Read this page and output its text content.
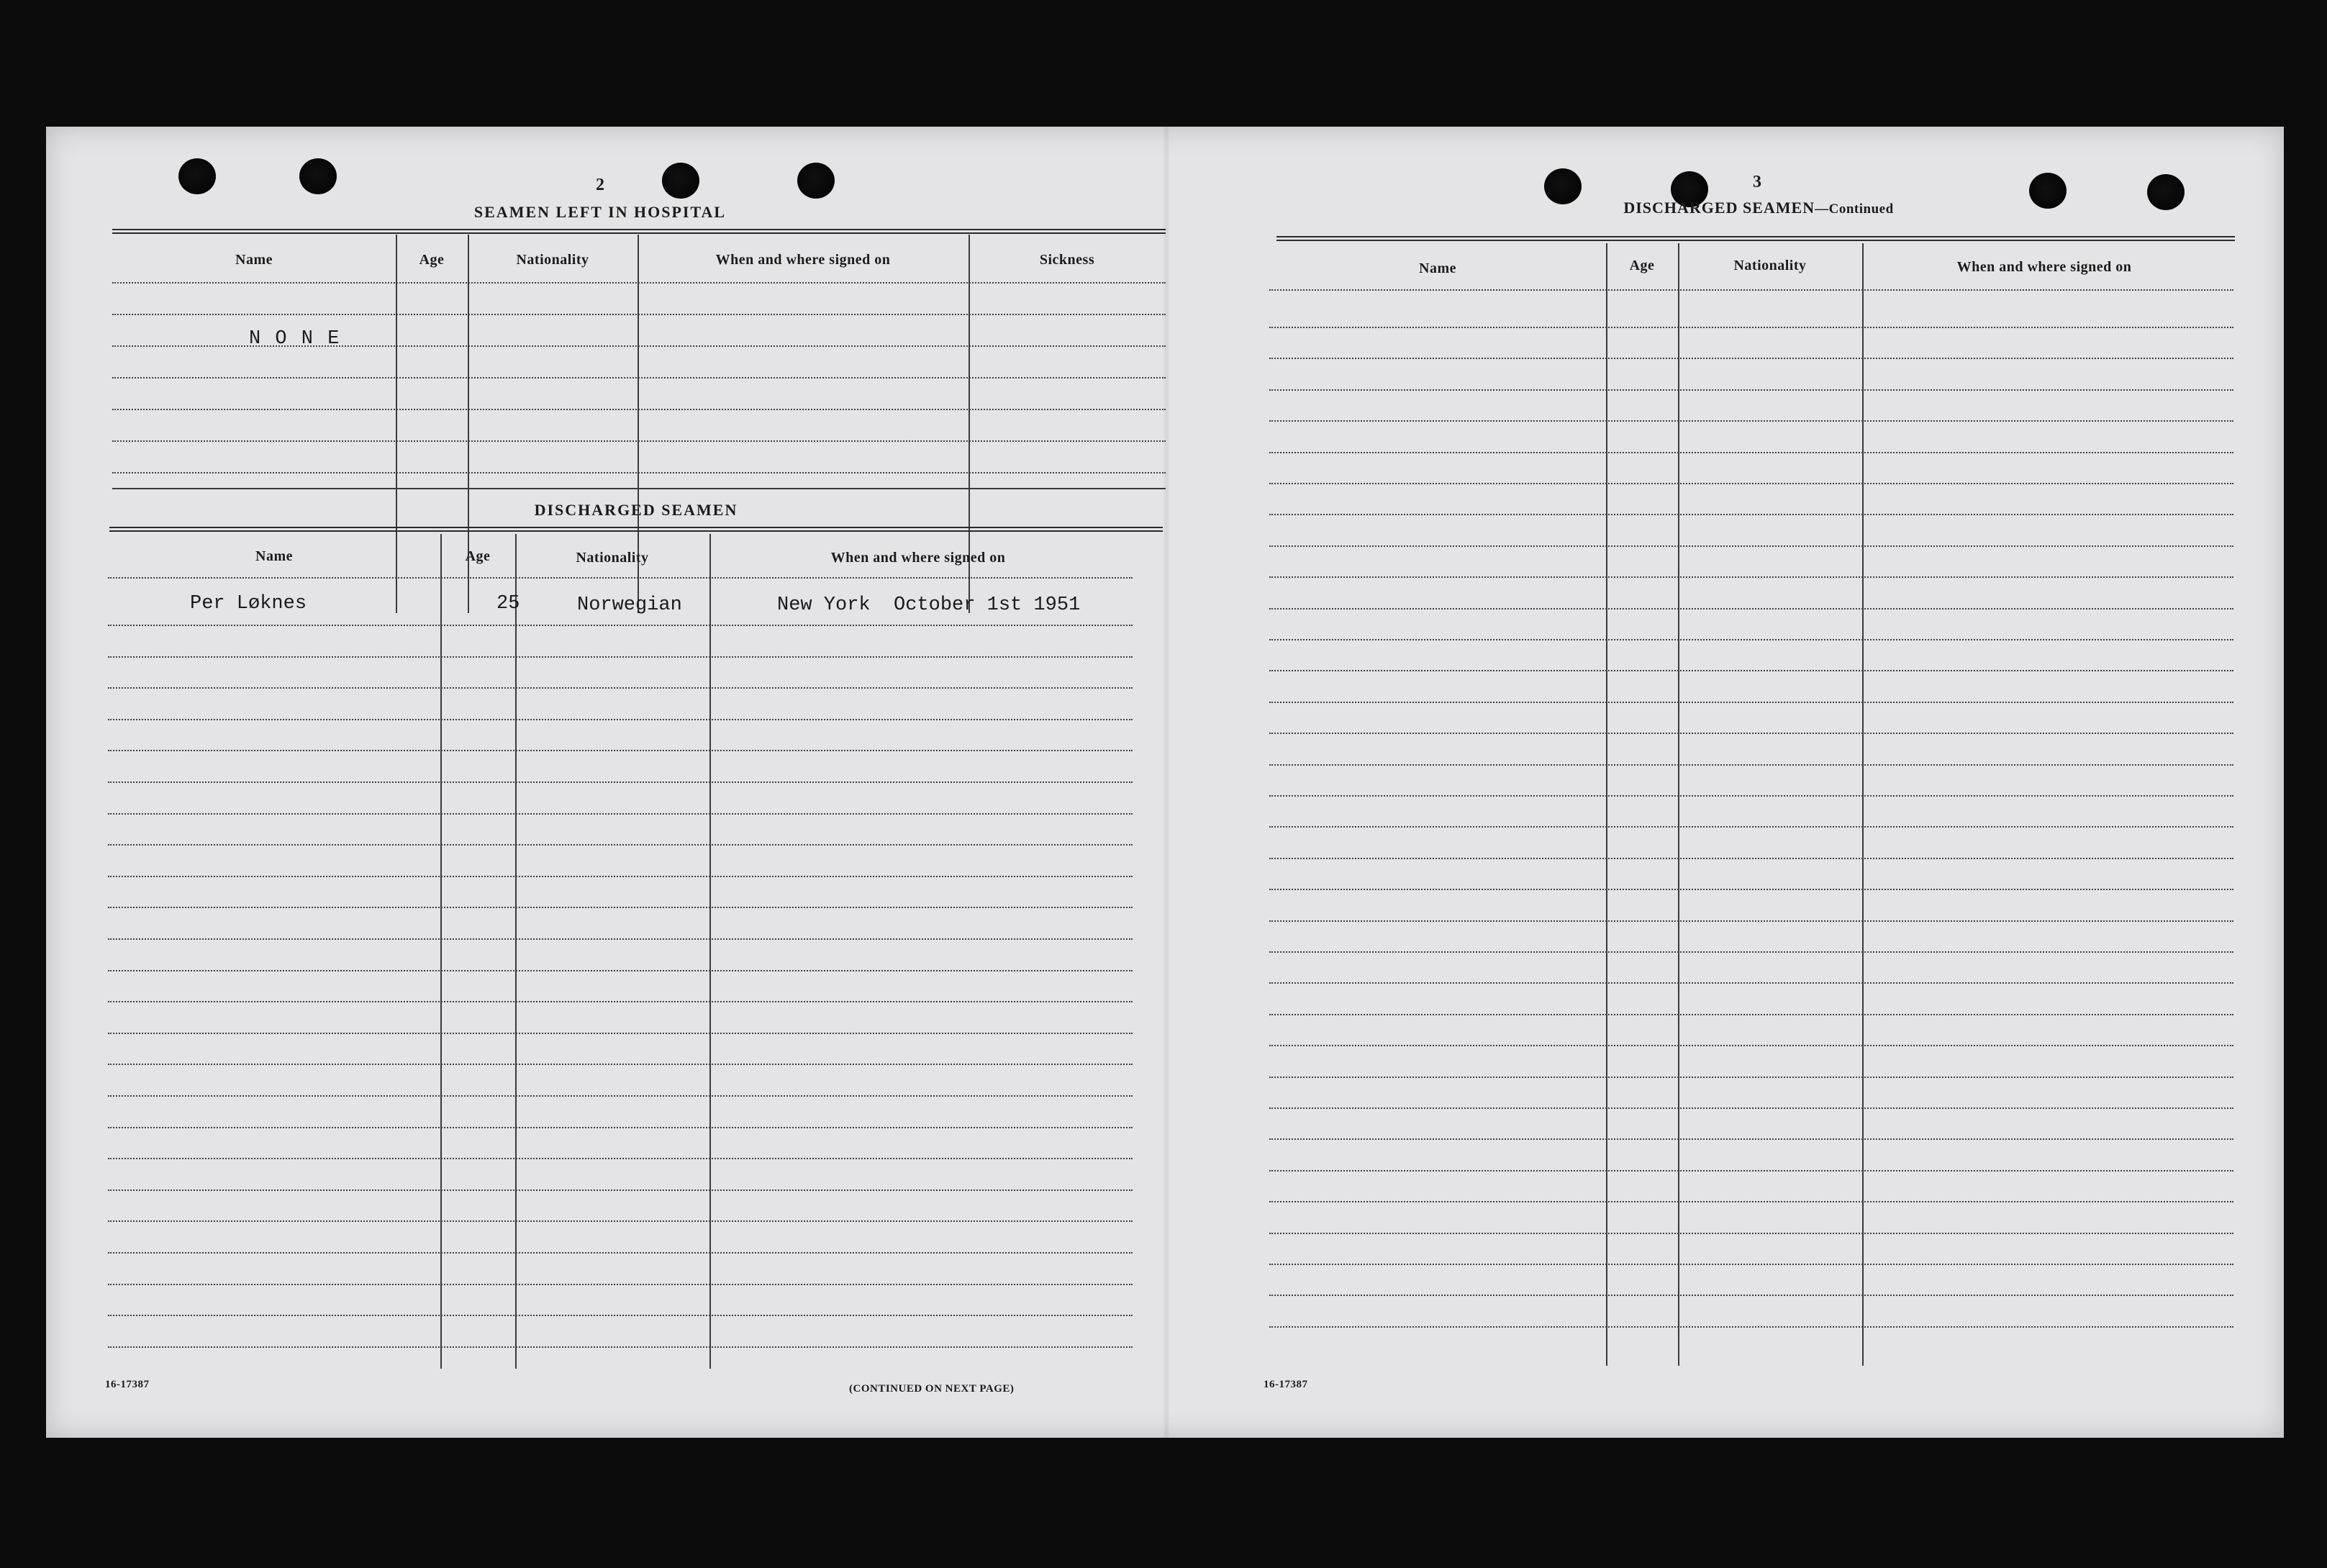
2
SEAMEN LEFT IN HOSPITAL
Name	Age	Nationality	When and where signed on	Sickness
N O N E
DISCHARGED SEAMEN
Name	Age	Nationality	When and where signed on
Per Løknes	25	Norwegian	New York  October 1st 1951
16-17387	(CONTINUED ON NEXT PAGE)
3
DISCHARGED SEAMEN—Continued
Name	Age	Nationality	When and where signed on
16-17387
